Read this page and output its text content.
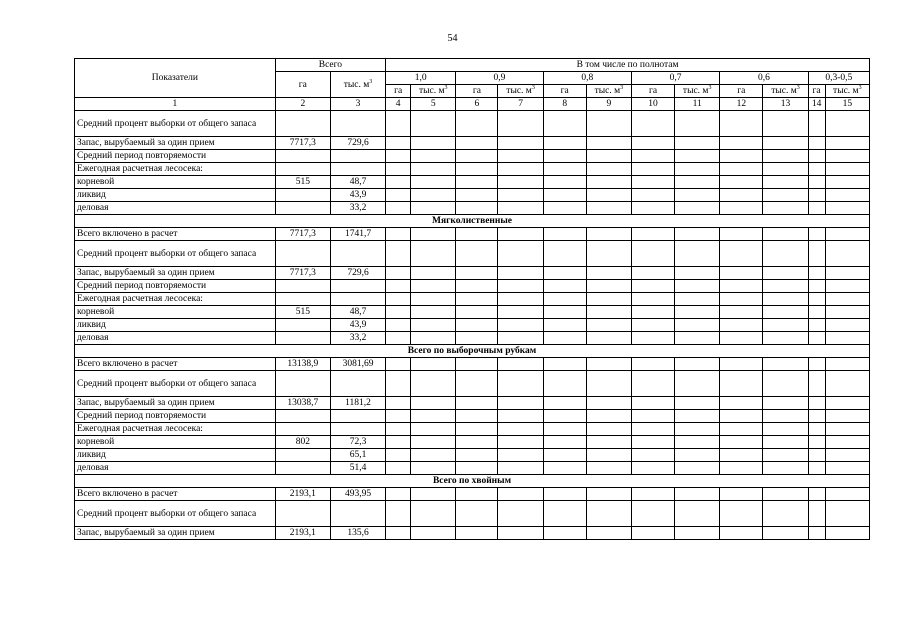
54
Показатели	Всего		В том числе по полнотам											
	га	тыс. $м^3$	1,0		0,9		0,8		0,7		0,6		0,3-0,5	
			га	тыс. $м^3$	га	тыс. $м^3$	га	тыс. $м^3$	га	тыс. $м^3$	га	тыс. $м^3$	га	тыс. $м^3$
1	2	3	4	5	6	7	8	9	10	11	12	13	14	15
Средний процент выборки от общего запаса														
Запас, вырубаемый за один прием	7717,3	729,6												
Средний период повторяемости														
Ежегодная расчетная лесосека:														
корневой	515	48,7												
ликвид		43,9												
деловая		33,2												
Мягколиственные														
Всего включено в расчет	7717,3	1741,7												
Средний процент выборки от общего запаса														
Запас, вырубаемый за один прием	7717,3	729,6												
Средний период повторяемости														
Ежегодная расчетная лесосека:														
корневой	515	48,7												
ликвид		43,9												
деловая		33,2												
Всего по выборочным рубкам														
Всего включено в расчет	13138,9	3081,69												
Средний процент выборки от общего запаса														
Запас, вырубаемый за один прием	13038,7	1181,2												
Средний период повторяемости														
Ежегодная расчетная лесосека:														
корневой	802	72,3												
ликвид		65,1												
деловая		51,4												
Всего по хвойным														
Всего включено в расчет	2193,1	493,95												
Средний процент выборки от общего запаса														
Запас, вырубаемый за один прием	2193,1	135,6												
